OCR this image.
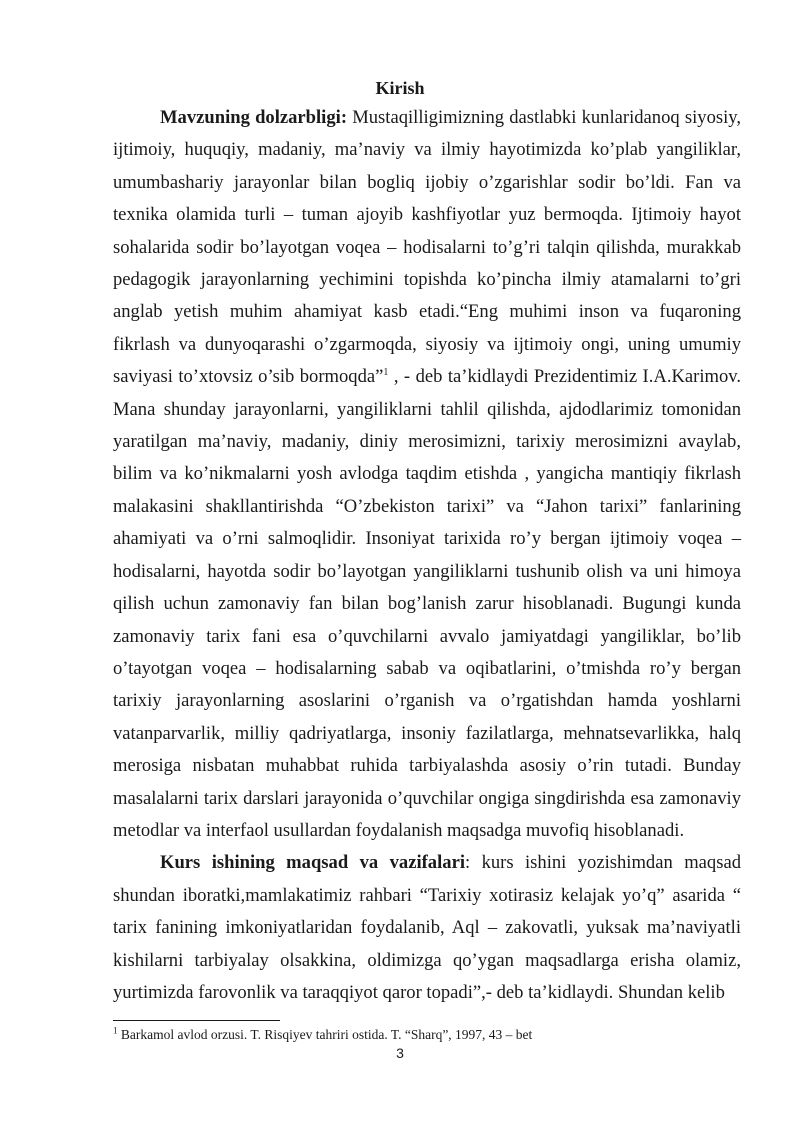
Kirish

Mavzuning dolzarbligi: Mustaqilligimizning dastlabki kunlaridanoq siyosiy, ijtimoiy, huquqiy, madaniy, ma’naviy va ilmiy hayotimizda ko’plab yangiliklar, umumbashariy jarayonlar bilan bogliq ijobiy o’zgarishlar sodir bo’ldi. Fan va texnika olamida turli – tuman ajoyib kashfiyotlar yuz bermoqda. Ijtimoiy hayot sohalarida sodir bo’layotgan voqea – hodisalarni to’g’ri talqin qilishda, murakkab pedagogik jarayonlarning yechimini topishda ko’pincha ilmiy atamalarni to’gri anglab yetish muhim ahamiyat kasb etadi.“Eng muhimi inson va fuqaroning fikrlash va dunyoqarashi o’zgarmoqda, siyosiy va ijtimoiy ongi, uning umumiy saviyasi to’xtovsiz o’sib bormoqda”$^1$ , - deb ta’kidlaydi Prezidentimiz I.A.Karimov. Mana shunday jarayonlarni, yangiliklarni tahlil qilishda, ajdodlarimiz tomonidan yaratilgan ma’naviy, madaniy, diniy merosimizni, tarixiy merosimizni avaylab, bilim va ko’nikmalarni yosh avlodga taqdim etishda , yangicha mantiqiy fikrlash malakasini shakllantirishda “O’zbekiston tarixi” va “Jahon tarixi” fanlarining ahamiyati va o’rni salmoqlidir. Insoniyat tarixida ro’y bergan ijtimoiy voqea – hodisalarni, hayotda sodir bo’layotgan yangiliklarni tushunib olish va uni himoya qilish uchun zamonaviy fan bilan bog’lanish zarur hisoblanadi. Bugungi kunda zamonaviy tarix fani esa o’quvchilarni avvalo jamiyatdagi yangiliklar, bo’lib o’tayotgan voqea – hodisalarning sabab va oqibatlarini, o’tmishda ro’y bergan tarixiy jarayonlarning asoslarini o’rganish va o’rgatishdan hamda yoshlarni vatanparvarlik, milliy qadriyatlarga, insoniy fazilatlarga, mehnatsevarlikka, halq merosiga nisbatan muhabbat ruhida tarbiyalashda asosiy o’rin tutadi. Bunday masalalarni tarix darslari jarayonida o’quvchilar ongiga singdirishda esa zamonaviy metodlar va interfaol usullardan foydalanish maqsadga muvofiq hisoblanadi.

Kurs ishining maqsad va vazifalari: kurs ishini yozishimdan maqsad shundan iboratki,mamlakatimiz rahbari “Tarixiy xotirasiz kelajak yo’q” asarida “ tarix fanining imkoniyatlaridan foydalanib, Aql – zakovatli, yuksak ma’naviyatli kishilarni tarbiyalay olsakkina, oldimizga qo’ygan maqsadlarga erisha olamiz, yurtimizda farovonlik va taraqqiyot qaror topadi”,- deb ta’kidlaydi. Shundan kelib

$^1$ Barkamol avlod orzusi. T. Risqiyev tahriri ostida. T. “Sharq”, 1997, 43 – bet
3
